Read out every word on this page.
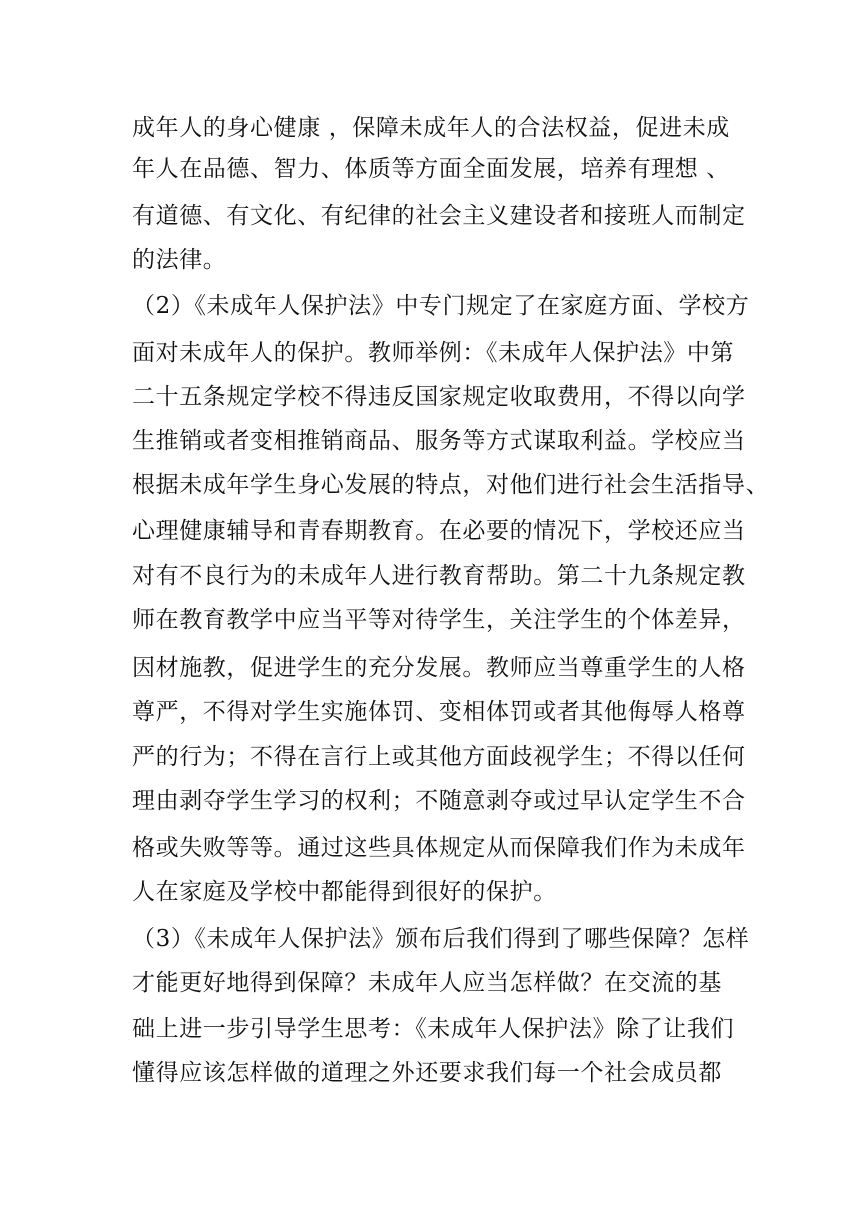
成年人的身心健康 ，保障未成年人的合法权益，促进未成
年人在品德、智力、体质等方面全面发展，培养有理想 、
有道德、有文化、有纪律的社会主义建设者和接班人而制定
的法律。
（2）《未成年人保护法》中专门规定了在家庭方面、学校方
面对未成年人的保护。教师举例：《未成年人保护法》中第
二十五条规定学校不得违反国家规定收取费用，不得以向学
生推销或者变相推销商品、服务等方式谋取利益。学校应当
根据未成年学生身心发展的特点，对他们进行社会生活指导、
心理健康辅导和青春期教育。在必要的情况下，学校还应当
对有不良行为的未成年人进行教育帮助。第二十九条规定教
师在教育教学中应当平等对待学生，关注学生的个体差异，
因材施教，促进学生的充分发展。教师应当尊重学生的人格
尊严，不得对学生实施体罚、变相体罚或者其他侮辱人格尊
严的行为；不得在言行上或其他方面歧视学生；不得以任何
理由剥夺学生学习的权利；不随意剥夺或过早认定学生不合
格或失败等等。通过这些具体规定从而保障我们作为未成年
人在家庭及学校中都能得到很好的保护。
（3）《未成年人保护法》颁布后我们得到了哪些保障？怎样
才能更好地得到保障？未成年人应当怎样做？在交流的基
础上进一步引导学生思考：《未成年人保护法》除了让我们
懂得应该怎样做的道理之外还要求我们每一个社会成员都
